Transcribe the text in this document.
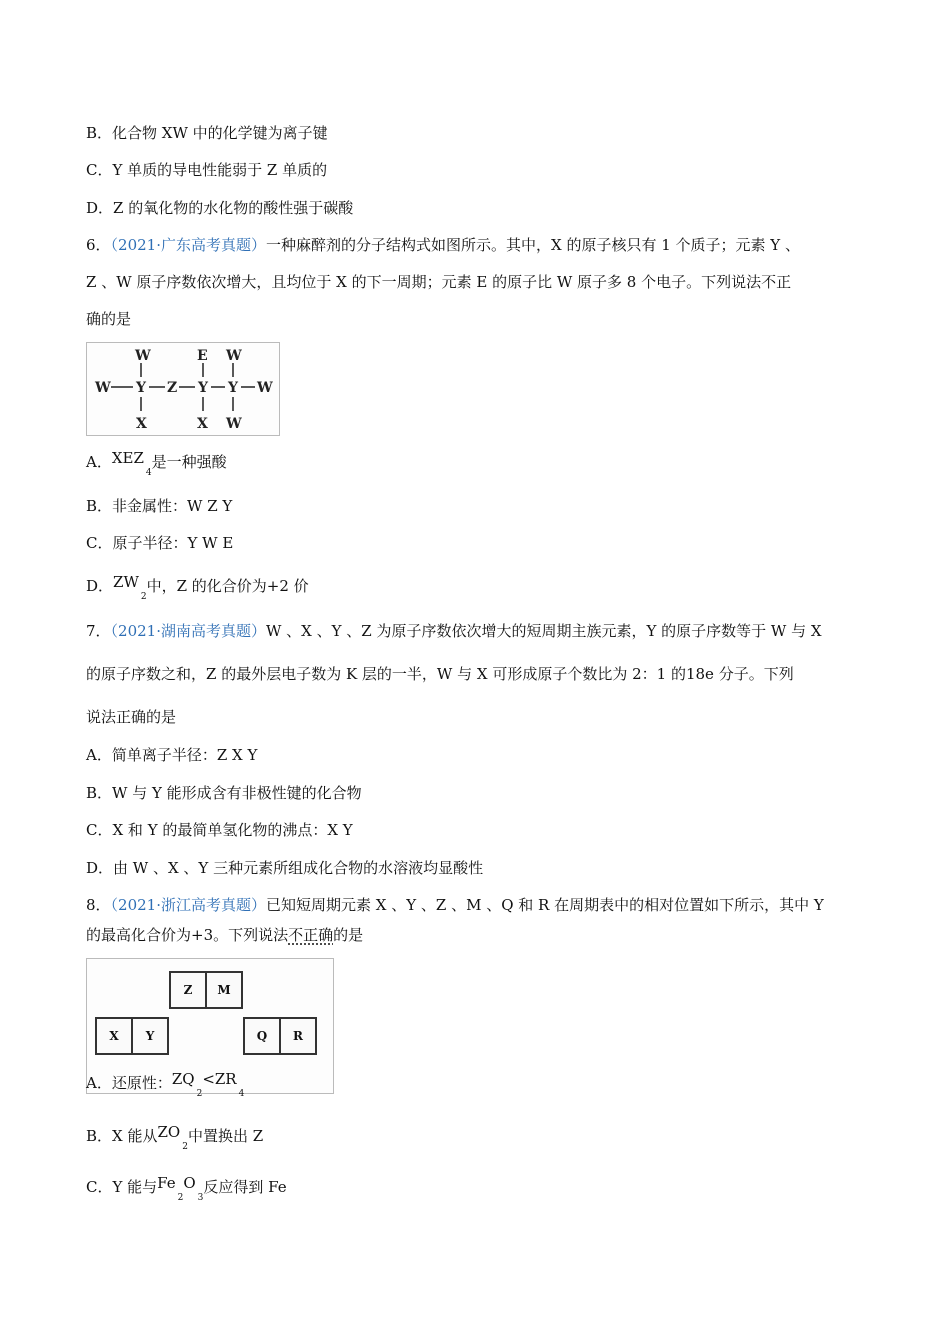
B．化合物 XW 中的化学键为离子键
C．Y 单质的导电性能弱于 Z 单质的
D．Z 的氧化物的水化物的酸性强于碳酸
6．（2021·广东高考真题）一种麻醉剂的分子结构式如图所示。其中，X 的原子核只有 1 个质子；元素 Y 、
Z 、W 原子序数依次增大，且均位于 X 的下一周期；元素 E 的原子比 W 原子多 8 个电子。下列说法不正
确的是
W	E W
W Y Z Y Y W
X	X W
A．$XEZ_4$是一种强酸
B．非金属性：W Z Y
C．原子半径：Y W E
D．$ZW_2$中，Z 的化合价为+2 价
7．（2021·湖南高考真题）W 、X 、Y 、Z 为原子序数依次增大的短周期主族元素，Y 的原子序数等于 W 与 X
的原子序数之和，Z 的最外层电子数为 K 层的一半，W 与 X 可形成原子个数比为 2：1 的18e 分子。下列
说法正确的是
A．简单离子半径：Z X Y
B．W 与 Y 能形成含有非极性键的化合物
C．X 和 Y 的最简单氢化物的沸点：X Y
D．由 W 、X 、Y 三种元素所组成化合物的水溶液均显酸性
8．（2021·浙江高考真题）已知短周期元素 X 、Y 、Z 、M 、Q 和 R 在周期表中的相对位置如下所示，其中 Y
的最高化合价为+3。下列说法不正确的是
Z	M
X	Y	Q	R
A．还原性：$ZQ_2<ZR_4$
B．X 能从$ZO_2$中置换出 Z
C．Y 能与$Fe_2O_3$反应得到 Fe
